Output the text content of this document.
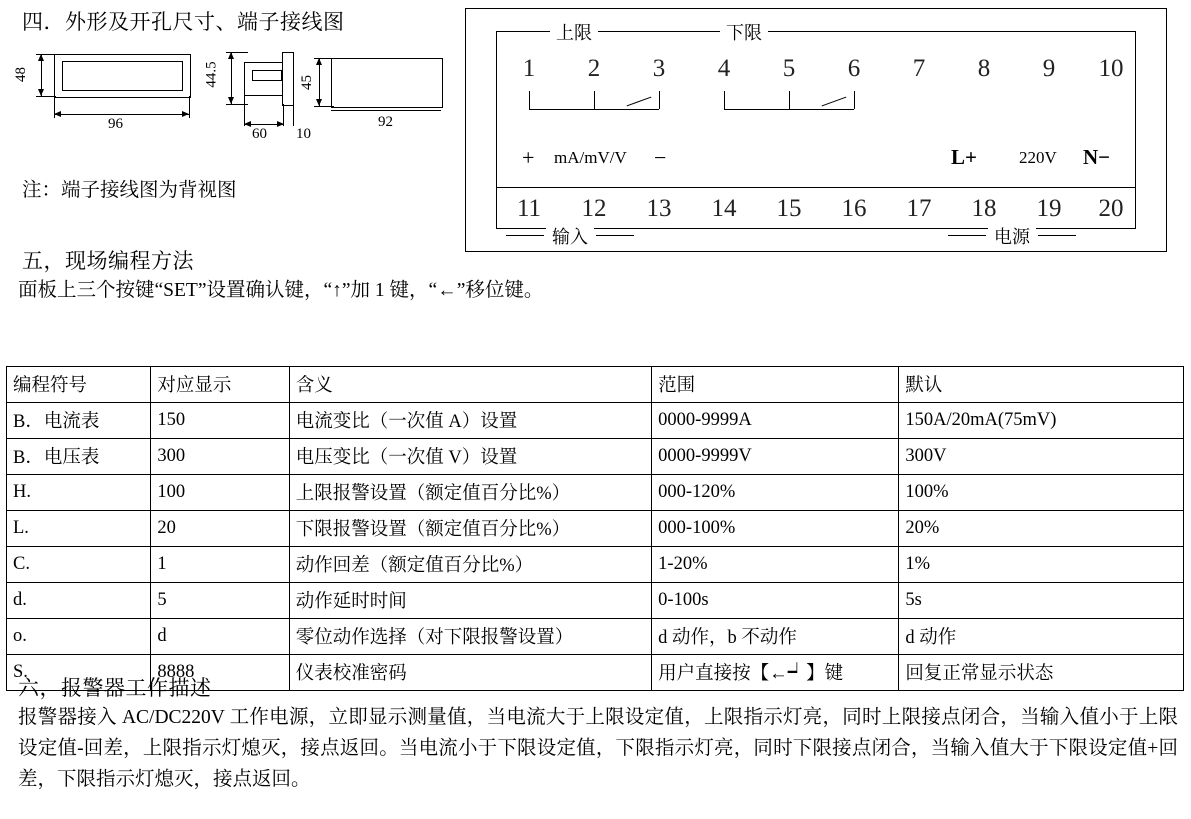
四．外形及开孔尺寸、端子接线图
48
96
44.5
60 10
45
92
注：端子接线图为背视图
上限	下限
1	2	3	4	5	6	7	8	9	10
+ mA/mV/V −	L+ 220V N−
11	12	13	14	15	16	17	18	19	20
输入	电源
五，现场编程方法
面板上三个按键“SET”设置确认键，“↑”加 1 键，“←”移位键。
编程符号	对应显示	含义	范围	默认
B．电流表	150	电流变比（一次值 A）设置	0000-9999A	150A/20mA(75mV)
B．电压表	300	电压变比（一次值 V）设置	0000-9999V	300V
H.	100	上限报警设置（额定值百分比%）	000-120%	100%
L.	20	下限报警设置（额定值百分比%）	000-100%	20%
C.	1	动作回差（额定值百分比%）	1-20%	1%
d.	5	动作延时时间	0-100s	5s
o.	d	零位动作选择（对下限报警设置）	d 动作，b 不动作	d 动作
S.	8888	仪表校准密码	用户直接按【←┙】键	回复正常显示状态
六，报警器工作描述
报警器接入 AC/DC220V 工作电源，立即显示测量值，当电流大于上限设定值，上限指示灯亮，同时上限接点闭合，当输入值小于上限设定值-回差，上限指示灯熄灭，接点返回。当电流小于下限设定值，下限指示灯亮，同时下限接点闭合，当输入值大于下限设定值+回差，下限指示灯熄灭，接点返回。
